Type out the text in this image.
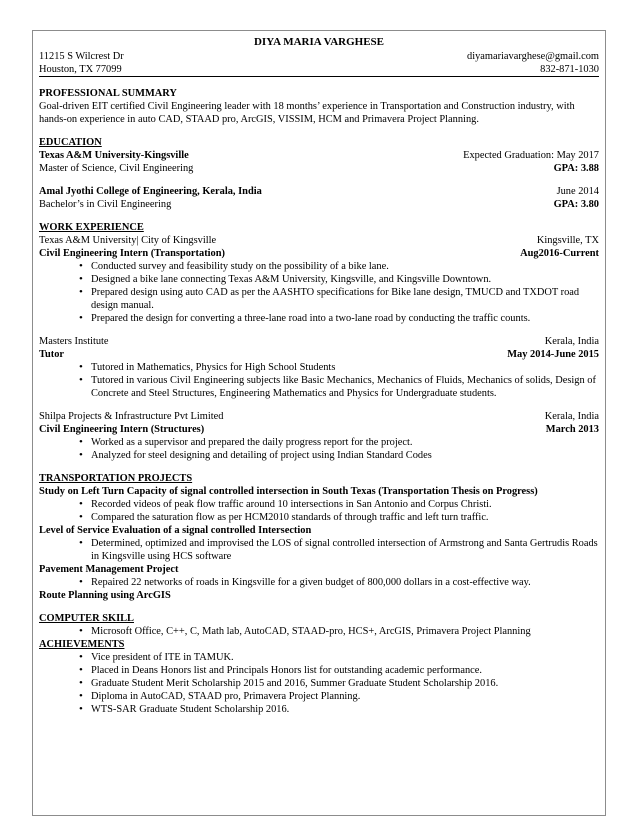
DIYA MARIA VARGHESE
11215 S Wilcrest Dr	diyamariavarghese@gmail.com
Houston, TX 77099	832-871-1030
PROFESSIONAL SUMMARY

Goal-driven EIT certified Civil Engineering leader with 18 months’ experience in Transportation and Construction industry, with hands-on experience in auto CAD, STAAD pro, ArcGIS, VISSIM, HCM and Primavera Project Planning.

EDUCATION
Texas A&M University-Kingsville	Expected Graduation: May 2017
Master of Science, Civil Engineering	GPA: 3.88
Amal Jyothi College of Engineering, Kerala, India	June 2014
Bachelor’s in Civil Engineering	GPA: 3.80
WORK EXPERIENCE
Texas A&M University| City of Kingsville	Kingsville, TX
Civil Engineering Intern (Transportation)	Aug2016-Current
• Conducted survey and feasibility study on the possibility of a bike lane.
• Designed a bike lane connecting Texas A&M University, Kingsville, and Kingsville Downtown.
• Prepared design using auto CAD as per the AASHTO specifications for Bike lane design, TMUCD and TXDOT road design manual.
• Prepared the design for converting a three-lane road into a two-lane road by conducting the traffic counts.
Masters Institute	Kerala, India
Tutor	May 2014-June 2015
• Tutored in Mathematics, Physics for High School Students
• Tutored in various Civil Engineering subjects like Basic Mechanics, Mechanics of Fluids, Mechanics of solids, Design of Concrete and Steel Structures, Engineering Mathematics and Physics for Undergraduate students.
Shilpa Projects & Infrastructure Pvt Limited	Kerala, India
Civil Engineering Intern (Structures)	March 2013
• Worked as a supervisor and prepared the daily progress report for the project.
• Analyzed for steel designing and detailing of project using Indian Standard Codes
TRANSPORTATION PROJECTS
Study on Left Turn Capacity of signal controlled intersection in South Texas (Transportation Thesis on Progress)
• Recorded videos of peak flow traffic around 10 intersections in San Antonio and Corpus Christi.
• Compared the saturation flow as per HCM2010 standards of through traffic and left turn traffic.
Level of Service Evaluation of a signal controlled Intersection
• Determined, optimized and improvised the LOS of signal controlled intersection of Armstrong and Santa Gertrudis Roads in Kingsville using HCS software
Pavement Management Project
• Repaired 22 networks of roads in Kingsville for a given budget of 800,000 dollars in a cost-effective way.
Route Planning using ArcGIS
COMPUTER SKILL
• Microsoft Office, C++, C, Math lab, AutoCAD, STAAD-pro, HCS+, ArcGIS, Primavera Project Planning
ACHIEVEMENTS
• Vice president of ITE in TAMUK.
• Placed in Deans Honors list and Principals Honors list for outstanding academic performance.
• Graduate Student Merit Scholarship 2015 and 2016, Summer Graduate Student Scholarship 2016.
• Diploma in AutoCAD, STAAD pro, Primavera Project Planning.
• WTS-SAR Graduate Student Scholarship 2016.
